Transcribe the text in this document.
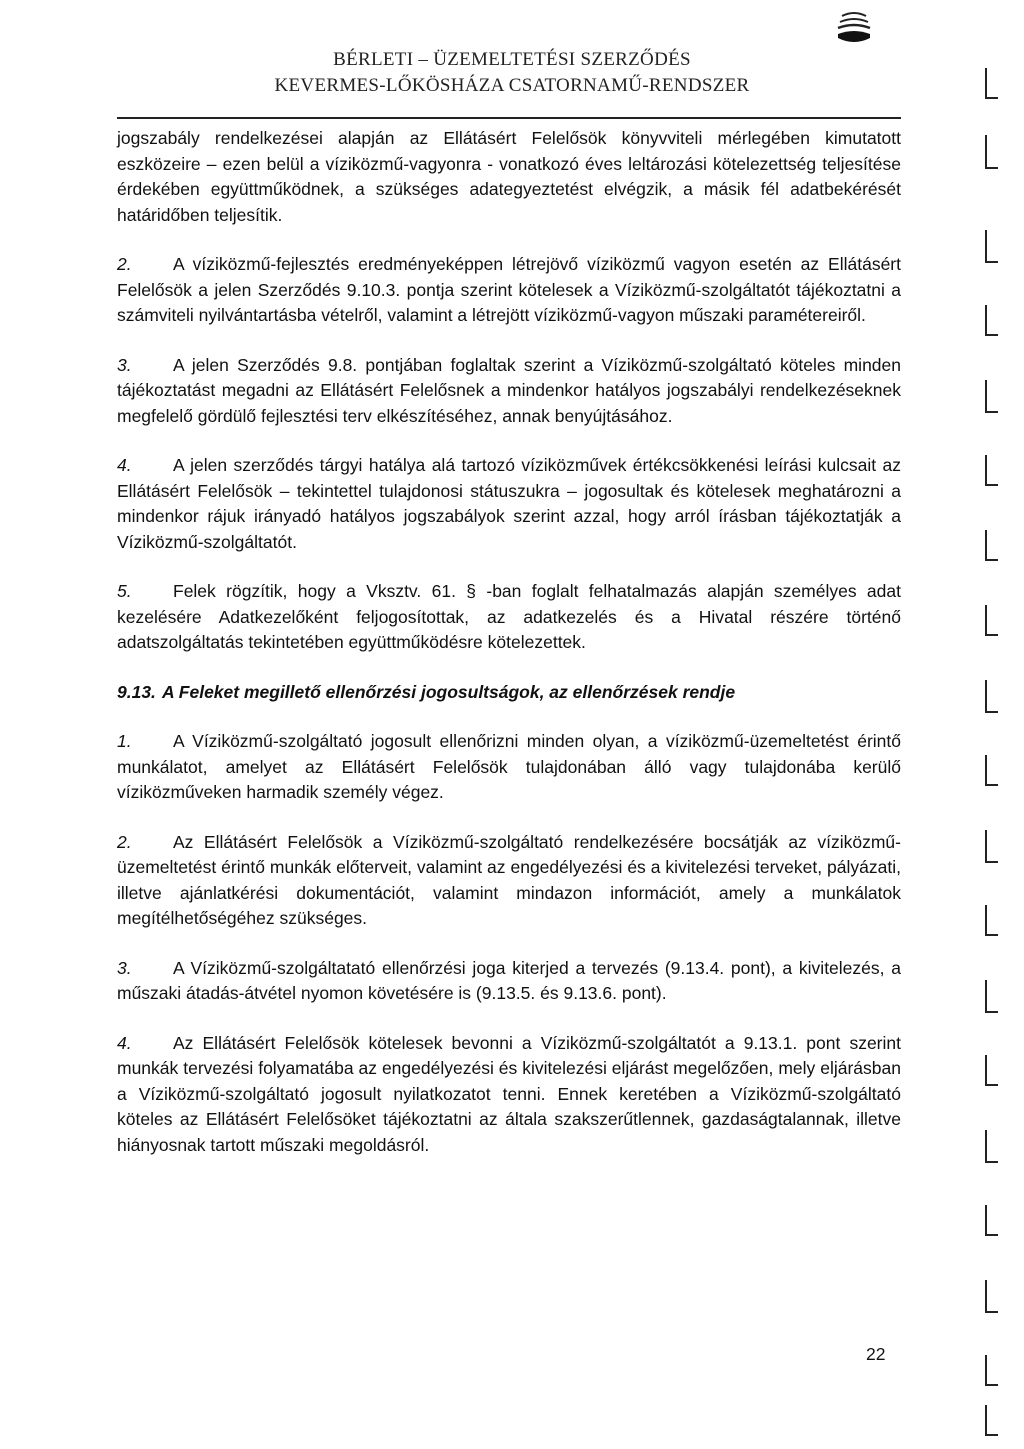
BÉRLETI – ÜZEMELTETÉSI SZERZŐDÉS
KEVERMES-LŐKÖSHÁZA CSATORNAMŰ-RENDSZER

jogszabály rendelkezései alapján az Ellátásért Felelősök könyvviteli mérlegében kimutatott eszközeire – ezen belül a víziközmű-vagyonra - vonatkozó éves leltározási kötelezettség teljesítése érdekében együttműködnek, a szükséges adategyeztetést elvégzik, a másik fél adatbekérését határidőben teljesítik.

2. A víziközmű-fejlesztés eredményeképpen létrejövő víziközmű vagyon esetén az Ellátásért Felelősök a jelen Szerződés 9.10.3. pontja szerint kötelesek a Víziközmű-szolgáltatót tájékoztatni a számviteli nyilvántartásba vételről, valamint a létrejött víziközmű-vagyon műszaki paramétereiről.

3. A jelen Szerződés 9.8. pontjában foglaltak szerint a Víziközmű-szolgáltató köteles minden tájékoztatást megadni az Ellátásért Felelősnek a mindenkor hatályos jogszabályi rendelkezéseknek megfelelő gördülő fejlesztési terv elkészítéséhez, annak benyújtásához.

4. A jelen szerződés tárgyi hatálya alá tartozó víziközművek értékcsökkenési leírási kulcsait az Ellátásért Felelősök – tekintettel tulajdonosi státuszukra – jogosultak és kötelesek meghatározni a mindenkor rájuk irányadó hatályos jogszabályok szerint azzal, hogy arról írásban tájékoztatják a Víziközmű-szolgáltatót.

5. Felek rögzítik, hogy a Vksztv. 61. § -ban foglalt felhatalmazás alapján személyes adat kezelésére Adatkezelőként feljogosítottak, az adatkezelés és a Hivatal részére történő adatszolgáltatás tekintetében együttműködésre kötelezettek.

9.13. A Feleket megillető ellenőrzési jogosultságok, az ellenőrzések rendje

1. A Víziközmű-szolgáltató jogosult ellenőrizni minden olyan, a víziközmű-üzemeltetést érintő munkálatot, amelyet az Ellátásért Felelősök tulajdonában álló vagy tulajdonába kerülő víziközműveken harmadik személy végez.

2. Az Ellátásért Felelősök a Víziközmű-szolgáltató rendelkezésére bocsátják az víziközmű-üzemeltetést érintő munkák előterveit, valamint az engedélyezési és a kivitelezési terveket, pályázati, illetve ajánlatkérési dokumentációt, valamint mindazon információt, amely a munkálatok megítélhetőségéhez szükséges.

3. A Víziközmű-szolgáltatató ellenőrzési joga kiterjed a tervezés (9.13.4. pont), a kivitelezés, a műszaki átadás-átvétel nyomon követésére is (9.13.5. és 9.13.6. pont).

4. Az Ellátásért Felelősök kötelesek bevonni a Víziközmű-szolgáltatót a 9.13.1. pont szerint munkák tervezési folyamatába az engedélyezési és kivitelezési eljárást megelőzően, mely eljárásban a Víziközmű-szolgáltató jogosult nyilatkozatot tenni. Ennek keretében a Víziközmű-szolgáltató köteles az Ellátásért Felelősöket tájékoztatni az általa szakszerűtlennek, gazdaságtalannak, illetve hiányosnak tartott műszaki megoldásról.

22
